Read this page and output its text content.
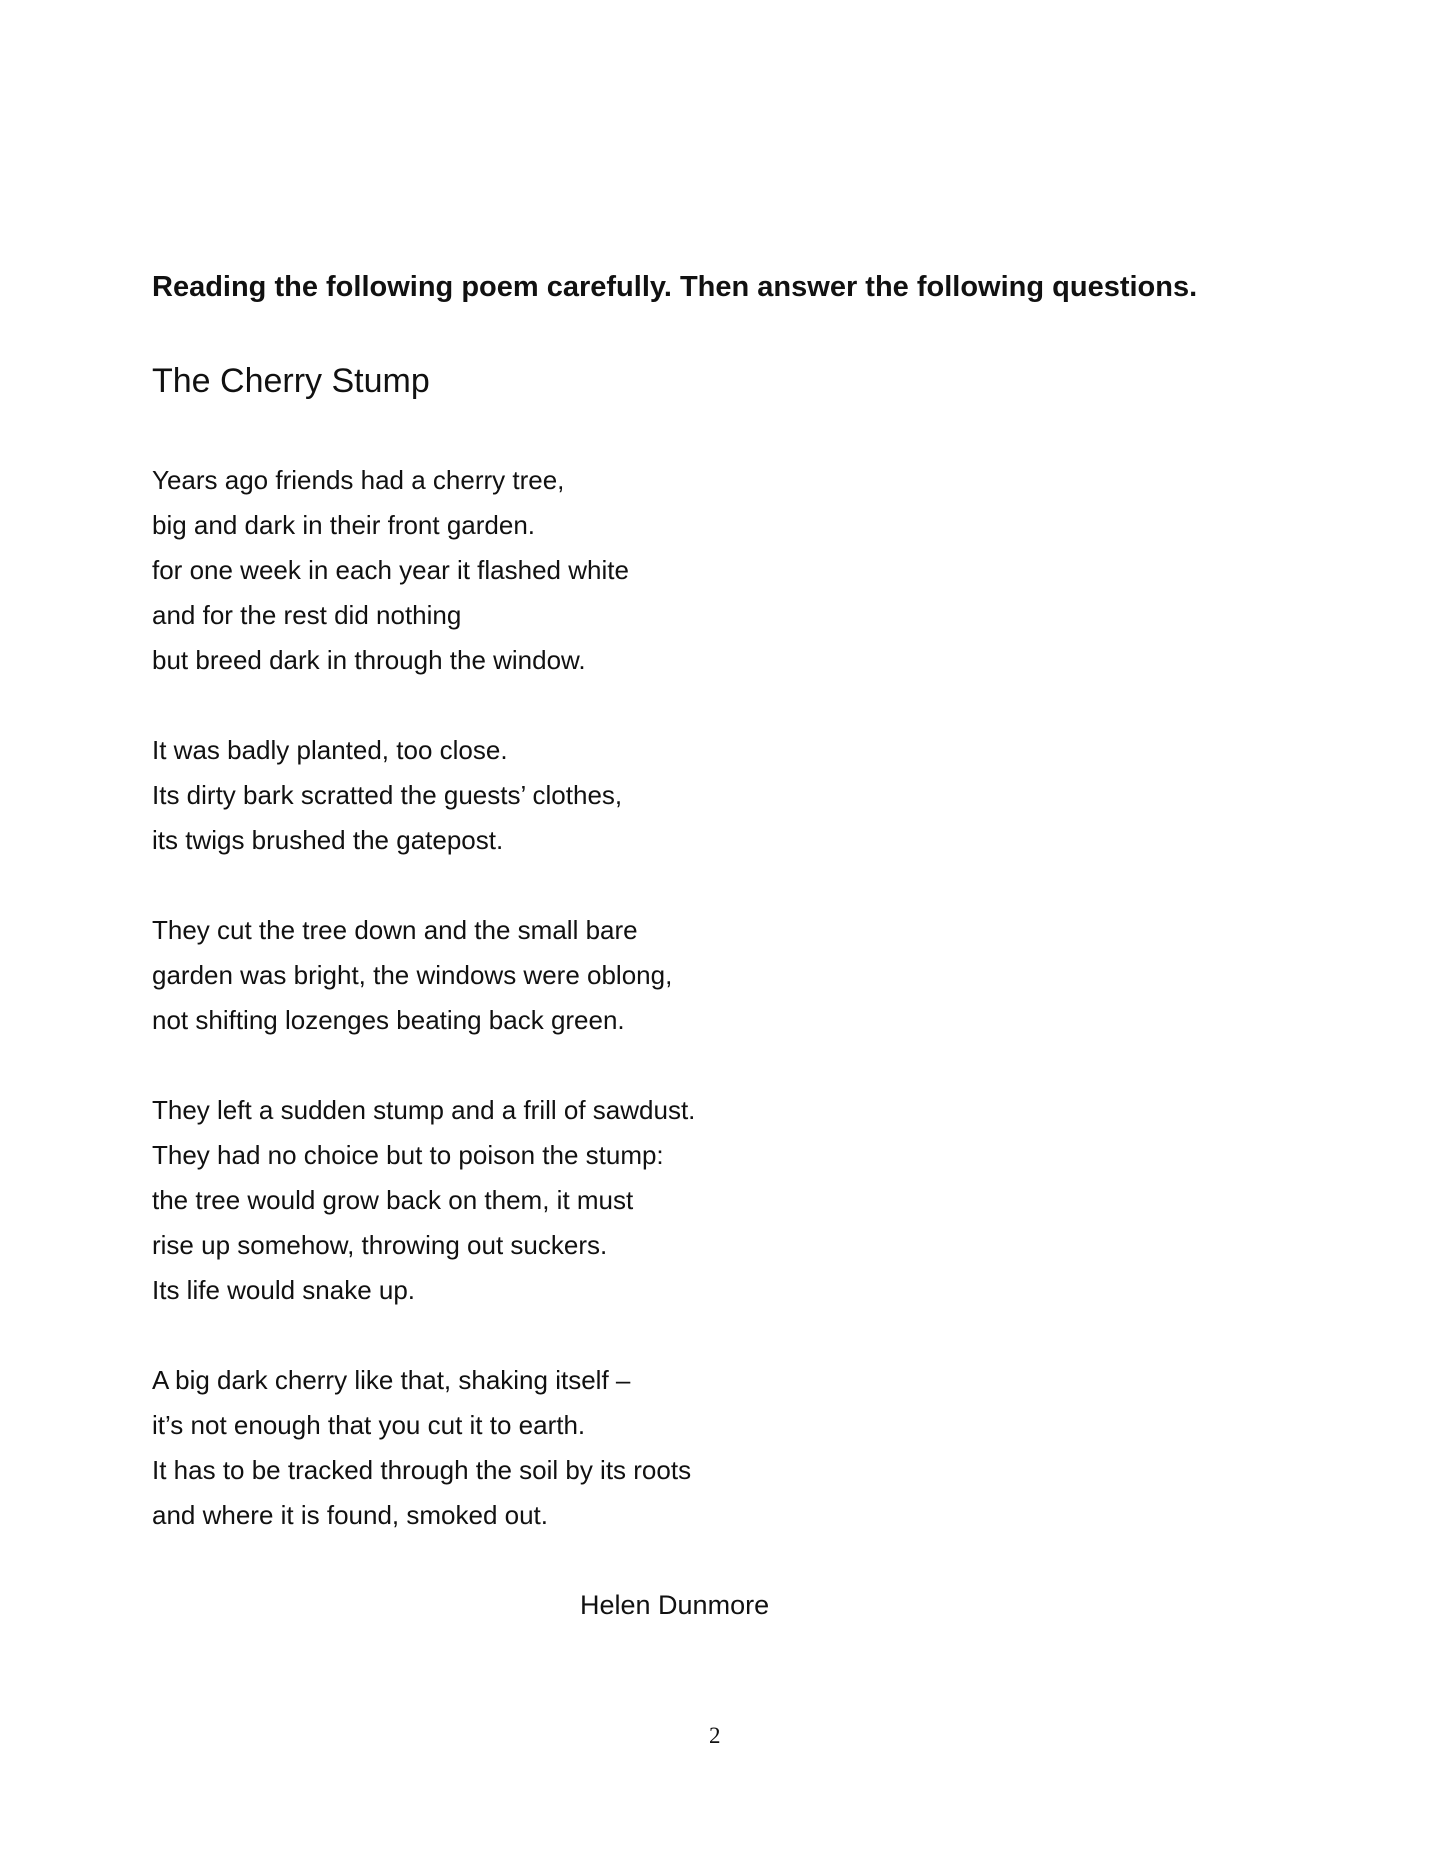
Reading the following poem carefully. Then answer the following questions.
The Cherry Stump
Years ago friends had a cherry tree,
big and dark in their front garden.
for one week in each year it flashed white
and for the rest did nothing
but breed dark in through the window.
It was badly planted, too close.
Its dirty bark scratted the guests’ clothes,
its twigs brushed the gatepost.
They cut the tree down and the small bare
garden was bright, the windows were oblong,
not shifting lozenges beating back green.
They left a sudden stump and a frill of sawdust.
They had no choice but to poison the stump:
the tree would grow back on them, it must
rise up somehow, throwing out suckers.
Its life would snake up.
A big dark cherry like that, shaking itself –
it’s not enough that you cut it to earth.
It has to be tracked through the soil by its roots
and where it is found, smoked out.
Helen Dunmore
2
